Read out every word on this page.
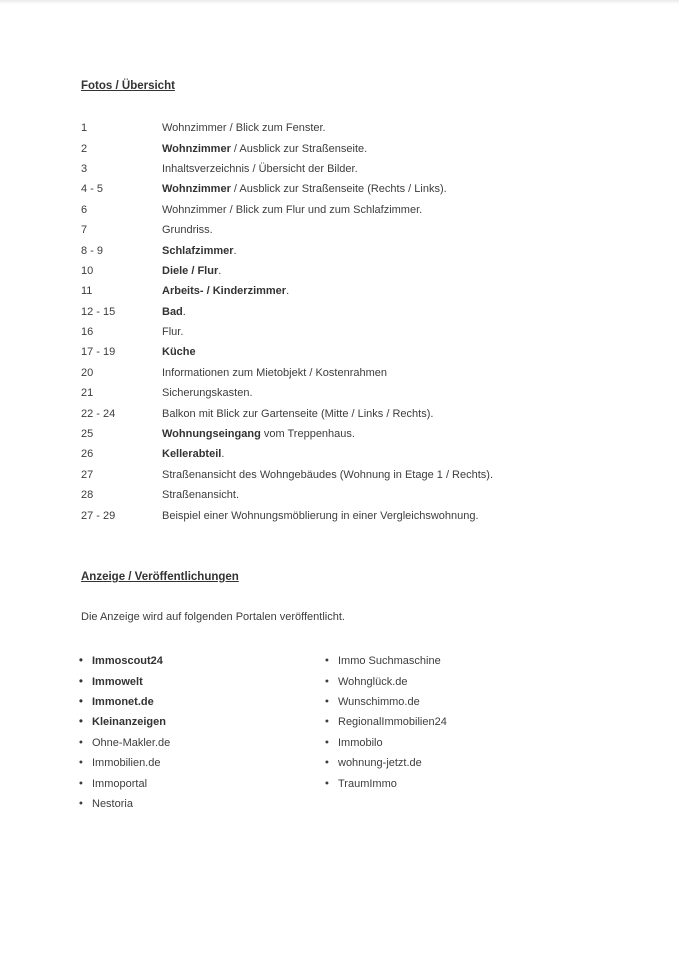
Fotos / Übersicht
1	Wohnzimmer / Blick zum Fenster.
2	Wohnzimmer / Ausblick zur Straßenseite.
3	Inhaltsverzeichnis / Übersicht der Bilder.
4 - 5	Wohnzimmer / Ausblick zur Straßenseite (Rechts / Links).
6	Wohnzimmer / Blick zum Flur und zum Schlafzimmer.
7	Grundriss.
8 - 9	Schlafzimmer.
10	Diele / Flur.
11	Arbeits- / Kinderzimmer.
12 - 15	Bad.
16	Flur.
17 - 19	Küche
20	Informationen zum Mietobjekt / Kostenrahmen
21	Sicherungskasten.
22 - 24	Balkon mit Blick zur Gartenseite (Mitte / Links / Rechts).
25	Wohnungseingang vom Treppenhaus.
26	Kellerabteil.
27	Straßenansicht des Wohngebäudes (Wohnung in Etage 1 / Rechts).
28	Straßenansicht.
27 - 29	Beispiel einer Wohnungsmöblierung in einer Vergleichswohnung.
Anzeige / Veröffentlichungen
Die Anzeige wird auf folgenden Portalen veröffentlicht.
• Immoscout24
• Immowelt
• Immonet.de
• Kleinanzeigen
• Ohne-Makler.de
• Immobilien.de
• Immoportal
• Nestoria
• Immo Suchmaschine
• Wohnglück.de
• Wunschimmo.de
• RegionalImmobilien24
• Immobilo
• wohnung-jetzt.de
• TraumImmo
